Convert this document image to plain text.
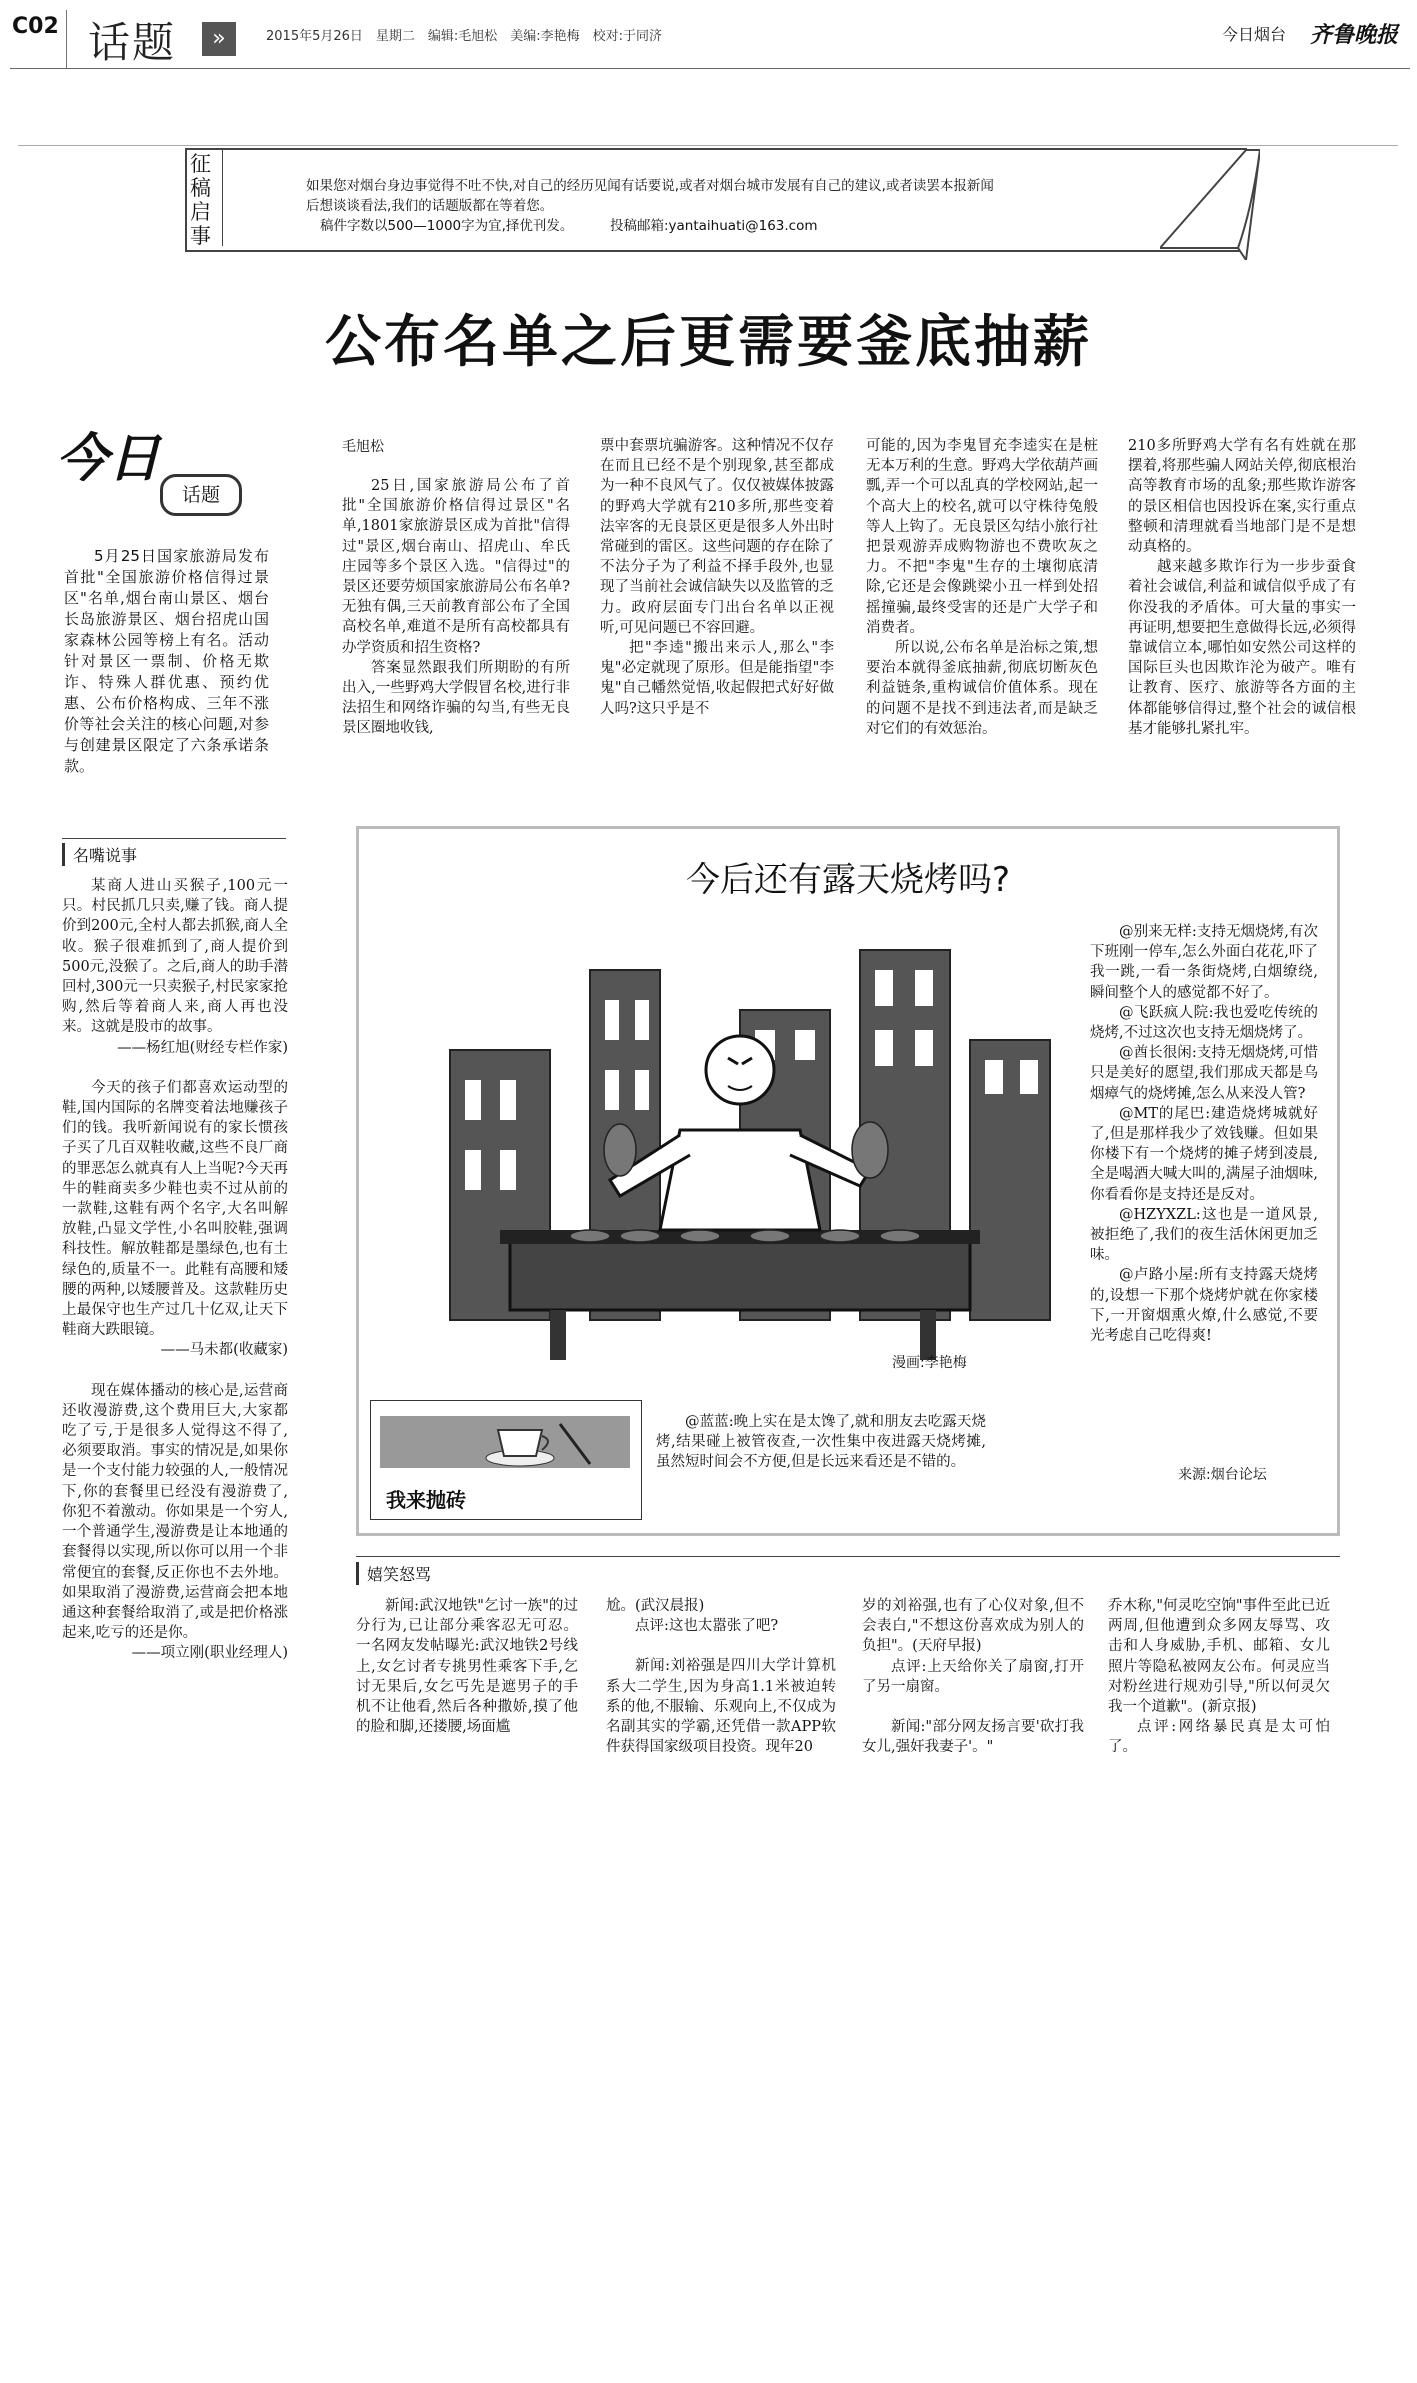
C02 话题	»	2015年5月26日　星期二　编辑:毛旭松　美编:李艳梅　校对:于同济	今日烟台 齐鲁晚报
征稿启事
如果您对烟台身边事觉得不吐不快,对自己的经历见闻有话要说,或者对烟台城市发展有自己的建议,或者读罢本报新闻
后想谈谈看法,我们的话题版都在等着您。
稿件字数以500—1000字为宜,择优刊发。	投稿邮箱:yantaihuati@163.com
公布名单之后更需要釜底抽薪
今日
话题

5月25日国家旅游局发布首批"全国旅游价格信得过景区"名单,烟台南山景区、烟台长岛旅游景区、烟台招虎山国家森林公园等榜上有名。活动针对景区一票制、价格无欺诈、特殊人群优惠、预约优惠、公布价格构成、三年不涨价等社会关注的核心问题,对参与创建景区限定了六条承诺条款。

毛旭松

25日,国家旅游局公布了首批"全国旅游价格信得过景区"名单,1801家旅游景区成为首批"信得过"景区,烟台南山、招虎山、牟氏庄园等多个景区入选。"信得过"的景区还要劳烦国家旅游局公布名单?无独有偶,三天前教育部公布了全国高校名单,难道不是所有高校都具有办学资质和招生资格?

答案显然跟我们所期盼的有所出入,一些野鸡大学假冒名校,进行非法招生和网络诈骗的勾当,有些无良景区圈地收钱,

票中套票坑骗游客。这种情况不仅存在而且已经不是个别现象,甚至都成为一种不良风气了。仅仅被媒体披露的野鸡大学就有210多所,那些变着法宰客的无良景区更是很多人外出时常碰到的雷区。这些问题的存在除了不法分子为了利益不择手段外,也显现了当前社会诚信缺失以及监管的乏力。政府层面专门出台名单以正视听,可见问题已不容回避。

把"李逵"搬出来示人,那么"李鬼"必定就现了原形。但是能指望"李鬼"自己幡然觉悟,收起假把式好好做人吗?这只乎是不

可能的,因为李鬼冒充李逵实在是桩无本万利的生意。野鸡大学依葫芦画瓢,弄一个可以乱真的学校网站,起一个高大上的校名,就可以守株待兔般等人上钩了。无良景区勾结小旅行社把景观游弄成购物游也不费吹灰之力。不把"李鬼"生存的土壤彻底清除,它还是会像跳梁小丑一样到处招摇撞骗,最终受害的还是广大学子和消费者。

所以说,公布名单是治标之策,想要治本就得釜底抽薪,彻底切断灰色利益链条,重构诚信价值体系。现在的问题不是找不到违法者,而是缺乏对它们的有效惩治。

210多所野鸡大学有名有姓就在那摆着,将那些骗人网站关停,彻底根治高等教育市场的乱象;那些欺诈游客的景区相信也因投诉在案,实行重点整顿和清理就看当地部门是不是想动真格的。

越来越多欺诈行为一步步蚕食着社会诚信,利益和诚信似乎成了有你没我的矛盾体。可大量的事实一再证明,想要把生意做得长远,必须得靠诚信立本,哪怕如安然公司这样的国际巨头也因欺诈沦为破产。唯有让教育、医疗、旅游等各方面的主体都能够信得过,整个社会的诚信根基才能够扎紧扎牢。

名嘴说事

某商人进山买猴子,100元一只。村民抓几只卖,赚了钱。商人提价到200元,全村人都去抓猴,商人全收。猴子很难抓到了,商人提价到500元,没猴了。之后,商人的助手潜回村,300元一只卖猴子,村民家家抢购,然后等着商人来,商人再也没来。这就是股市的故事。

——杨红旭(财经专栏作家)

今天的孩子们都喜欢运动型的鞋,国内国际的名牌变着法地赚孩子们的钱。我听新闻说有的家长惯孩子买了几百双鞋收藏,这些不良厂商的罪恶怎么就真有人上当呢?今天再牛的鞋商卖多少鞋也卖不过从前的一款鞋,这鞋有两个名字,大名叫解放鞋,凸显文学性,小名叫胶鞋,强调科技性。解放鞋都是墨绿色,也有土绿色的,质量不一。此鞋有高腰和矮腰的两种,以矮腰普及。这款鞋历史上最保守也生产过几十亿双,让天下鞋商大跌眼镜。

——马未都(收藏家)

现在媒体播动的核心是,运营商还收漫游费,这个费用巨大,大家都吃了亏,于是很多人觉得这不得了,必须要取消。事实的情况是,如果你是一个支付能力较强的人,一般情况下,你的套餐里已经没有漫游费了,你犯不着激动。你如果是一个穷人,一个普通学生,漫游费是让本地通的套餐得以实现,所以你可以用一个非常便宜的套餐,反正你也不去外地。如果取消了漫游费,运营商会把本地通这种套餐给取消了,或是把价格涨起来,吃亏的还是你。

——项立刚(职业经理人)

今后还有露天烧烤吗?
漫画:李艳梅

@别来无样:支持无烟烧烤,有次下班刚一停车,怎么外面白花花,吓了我一跳,一看一条街烧烤,白烟缭绕,瞬间整个人的感觉都不好了。

@飞跃疯人院:我也爱吃传统的烧烤,不过这次也支持无烟烧烤了。

@酋长很闲:支持无烟烧烤,可惜只是美好的愿望,我们那成天都是乌烟瘴气的烧烤摊,怎么从来没人管?

@MT的尾巴:建造烧烤城就好了,但是那样我少了效钱赚。但如果你楼下有一个烧烤的摊子烤到凌晨,全是喝酒大喊大叫的,满屋子油烟味,你看看你是支持还是反对。

@HZYXZL:这也是一道风景,被拒绝了,我们的夜生活休闲更加乏味。

@卢路小屋:所有支持露天烧烤的,设想一下那个烧烤炉就在你家楼下,一开窗烟熏火燎,什么感觉,不要光考虑自己吃得爽!

来源:烟台论坛
我来抛砖

@蓝蓝:晚上实在是太馋了,就和朋友去吃露天烧烤,结果碰上被管夜查,一次性集中夜进露天烧烤摊,虽然短时间会不方便,但是长远来看还是不错的。

嬉笑怒骂

新闻:武汉地铁"乞讨一族"的过分行为,已让部分乘客忍无可忍。一名网友发帖曝光:武汉地铁2号线上,女乞讨者专挑男性乘客下手,乞讨无果后,女乞丐先是遮男子的手机不让他看,然后各种撒娇,摸了他的脸和脚,还搂腰,场面尴

尬。(武汉晨报)

点评:这也太嚣张了吧?

新闻:刘裕强是四川大学计算机系大二学生,因为身高1.1米被迫转系的他,不服输、乐观向上,不仅成为名副其实的学霸,还凭借一款APP软件获得国家级项目投资。现年20

岁的刘裕强,也有了心仪对象,但不会表白,"不想这份喜欢成为别人的负担"。(天府早报)

点评:上天给你关了扇窗,打开了另一扇窗。

新闻:"部分网友扬言要'砍打我女儿,强奸我妻子'。"

乔木称,"何灵吃空饷"事件至此已近两周,但他遭到众多网友辱骂、攻击和人身威胁,手机、邮箱、女儿照片等隐私被网友公布。何灵应当对粉丝进行规劝引导,"所以何灵欠我一个道歉"。(新京报)

点评:网络暴民真是太可怕了。
